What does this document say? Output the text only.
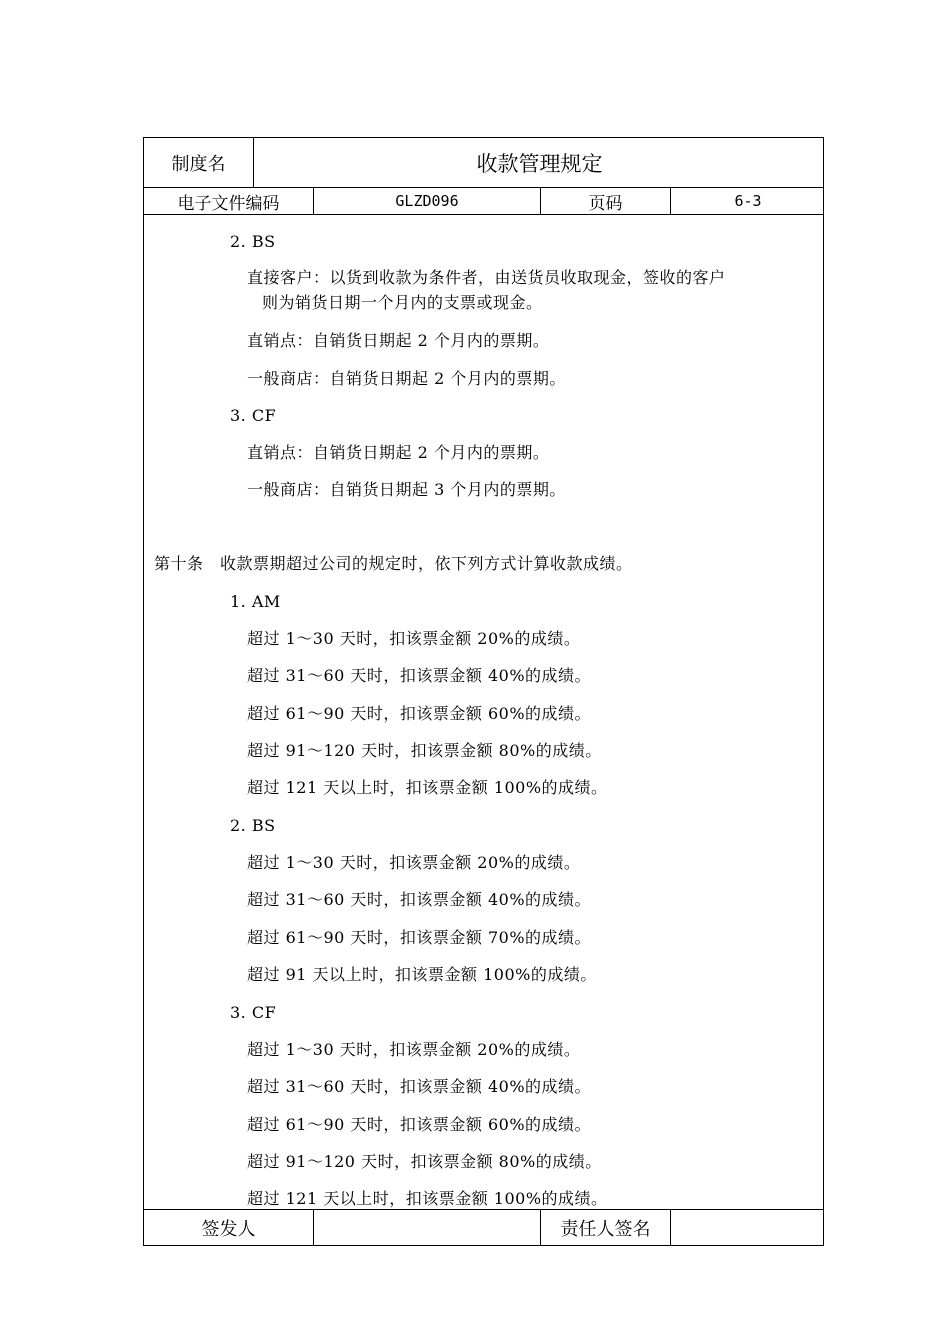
制度名	收款管理规定
电子文件编码	GLZD096	页码	6-3
2. BS
直接客户：以货到收款为条件者，由送货员收取现金，签收的客户
则为销货日期一个月内的支票或现金。
直销点：自销货日期起 2 个月内的票期。
一般商店：自销货日期起 2 个月内的票期。
3. CF
直销点：自销货日期起 2 个月内的票期。
一般商店：自销货日期起 3 个月内的票期。
第十条　收款票期超过公司的规定时，依下列方式计算收款成绩。
1. AM
超过 1～30 天时，扣该票金额 20%的成绩。
超过 31～60 天时，扣该票金额 40%的成绩。
超过 61～90 天时，扣该票金额 60%的成绩。
超过 91～120 天时，扣该票金额 80%的成绩。
超过 121 天以上时，扣该票金额 100%的成绩。
2. BS
超过 1～30 天时，扣该票金额 20%的成绩。
超过 31～60 天时，扣该票金额 40%的成绩。
超过 61～90 天时，扣该票金额 70%的成绩。
超过 91 天以上时，扣该票金额 100%的成绩。
3. CF
超过 1～30 天时，扣该票金额 20%的成绩。
超过 31～60 天时，扣该票金额 40%的成绩。
超过 61～90 天时，扣该票金额 60%的成绩。
超过 91～120 天时，扣该票金额 80%的成绩。
超过 121 天以上时，扣该票金额 100%的成绩。
签发人	责任人签名
